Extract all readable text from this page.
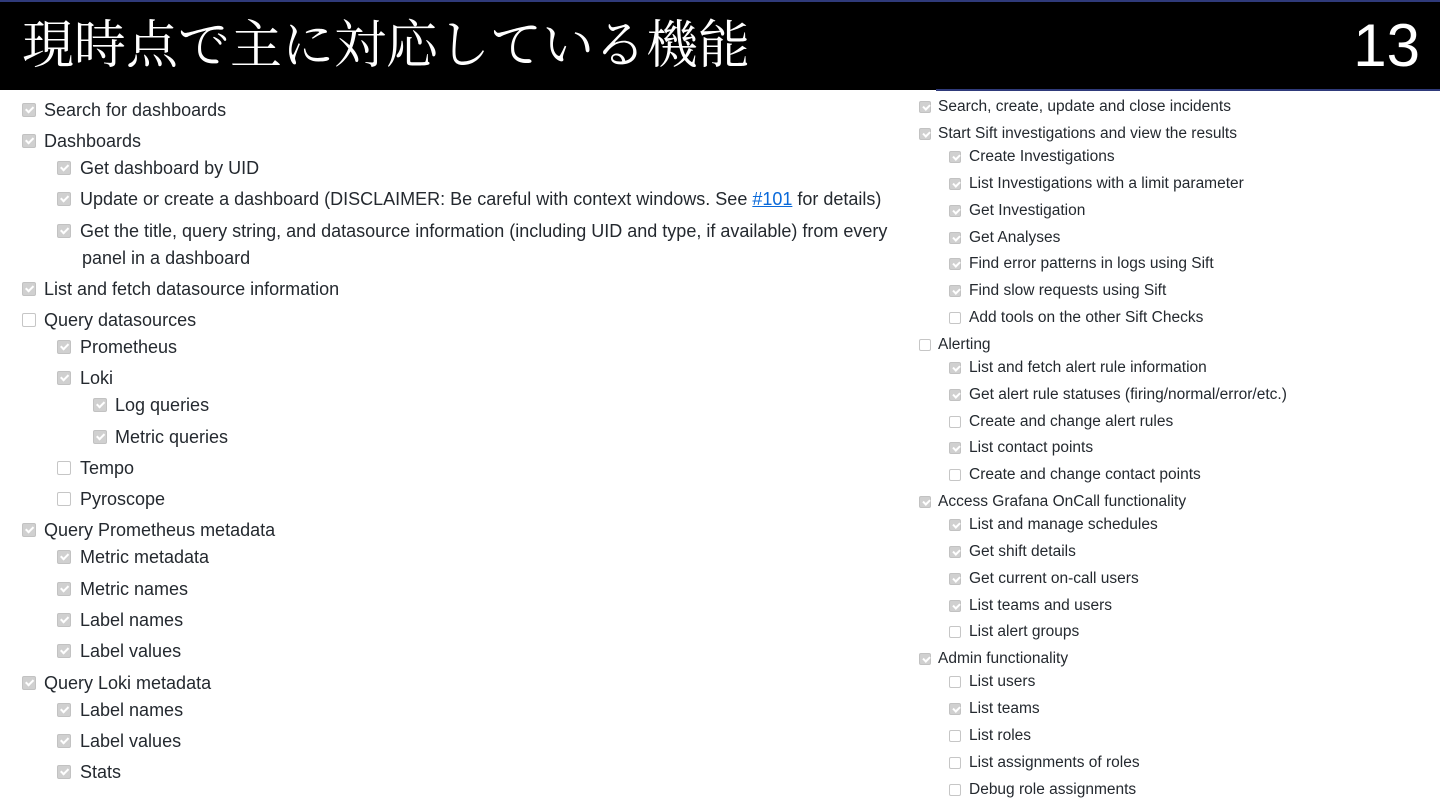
現時点で主に対応している機能	13
Search for dashboards
Dashboards
Get dashboard by UID
Update or create a dashboard (DISCLAIMER: Be careful with context windows. See #101 for details)
Get the title, query string, and datasource information (including UID and type, if available) from every
panel in a dashboard
List and fetch datasource information
Query datasources
Prometheus
Loki
Log queries
Metric queries
Tempo
Pyroscope
Query Prometheus metadata
Metric metadata
Metric names
Label names
Label values
Query Loki metadata
Label names
Label values
Stats
Search, create, update and close incidents
Start Sift investigations and view the results
Create Investigations
List Investigations with a limit parameter
Get Investigation
Get Analyses
Find error patterns in logs using Sift
Find slow requests using Sift
Add tools on the other Sift Checks
Alerting
List and fetch alert rule information
Get alert rule statuses (firing/normal/error/etc.)
Create and change alert rules
List contact points
Create and change contact points
Access Grafana OnCall functionality
List and manage schedules
Get shift details
Get current on-call users
List teams and users
List alert groups
Admin functionality
List users
List teams
List roles
List assignments of roles
Debug role assignments
